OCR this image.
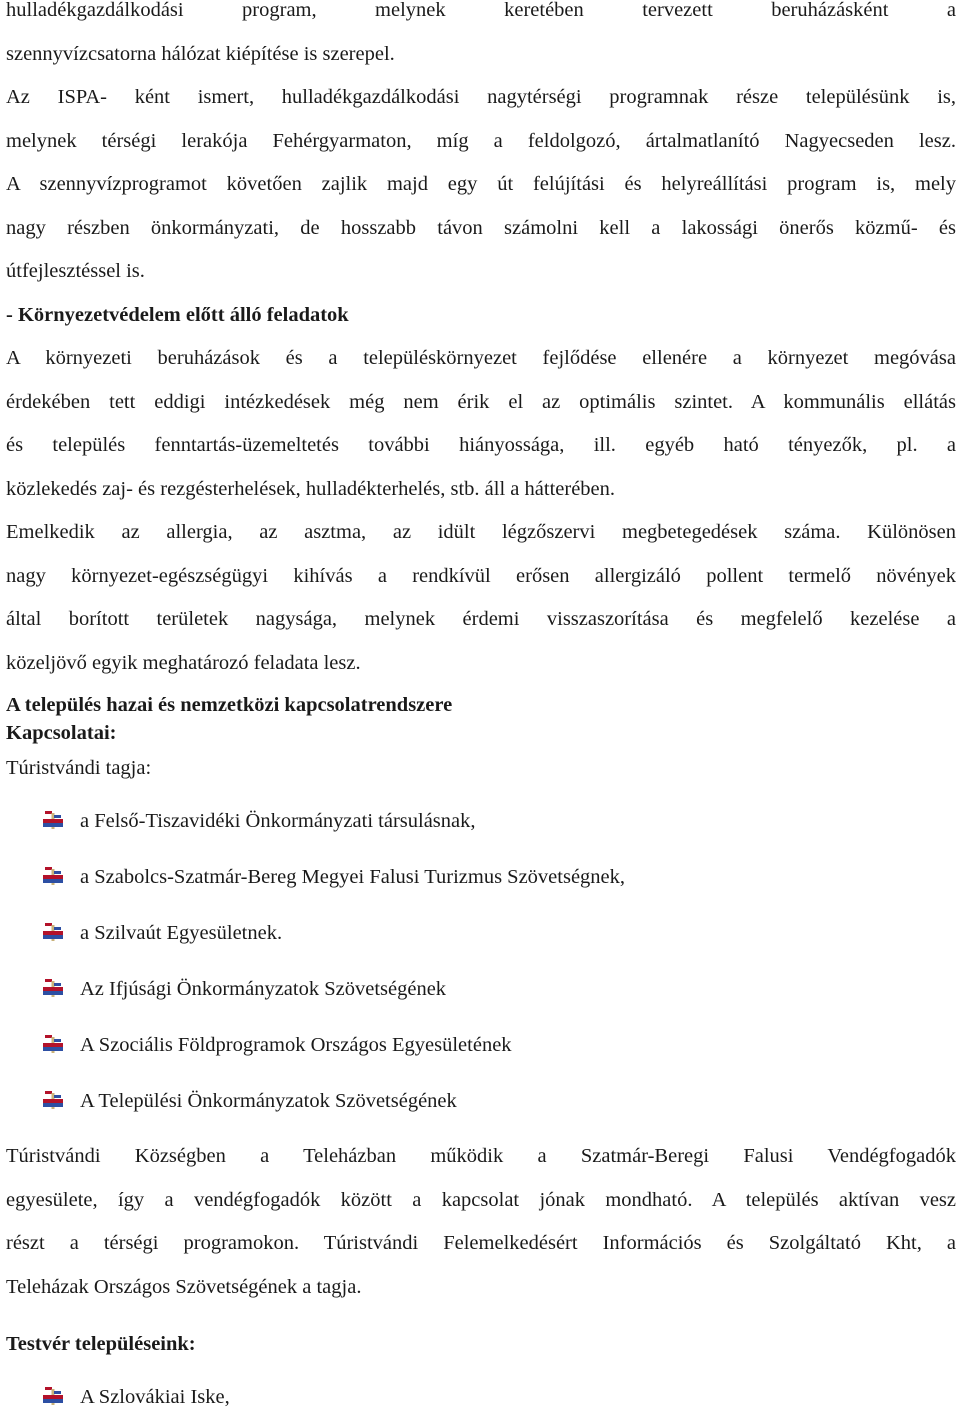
hulladékgazdálkodási program, melynek keretében tervezett beruházásként a
szennyvízcsatorna hálózat kiépítése is szerepel.
Az ISPA- ként ismert, hulladékgazdálkodási nagytérségi programnak része településünk is,
melynek térségi lerakója Fehérgyarmaton, míg a feldolgozó, ártalmatlanító Nagyecseden lesz.
A szennyvízprogramot követően zajlik majd egy út felújítási és helyreállítási program is, mely
nagy részben önkormányzati, de hosszabb távon számolni kell a lakossági önerős közmű- és
útfejlesztéssel is.
- Környezetvédelem előtt álló feladatok
A környezeti beruházások és a településkörnyezet fejlődése ellenére a környezet megóvása
érdekében tett eddigi intézkedések még nem érik el az optimális szintet. A kommunális ellátás
és település fenntartás-üzemeltetés további hiányossága, ill. egyéb ható tényezők, pl. a
közlekedés zaj- és rezgésterhelések, hulladékterhelés, stb. áll a hátterében.
Emelkedik az allergia, az asztma, az idült légzőszervi megbetegedések száma. Különösen
nagy környezet-egészségügyi kihívás a rendkívül erősen allergizáló pollent termelő növények
által borított területek nagysága, melynek érdemi visszaszorítása és megfelelő kezelése a
közeljövő egyik meghatározó feladata lesz.
A település hazai és nemzetközi kapcsolatrendszere
Kapcsolatai:
Túristvándi tagja:
a Felső-Tiszavidéki Önkormányzati társulásnak,
a Szabolcs-Szatmár-Bereg Megyei Falusi Turizmus Szövetségnek,
a Szilvaút Egyesületnek.
Az Ifjúsági Önkormányzatok Szövetségének
A Szociális Földprogramok Országos Egyesületének
A Települési Önkormányzatok Szövetségének
Túristvándi Községben a Teleházban működik a Szatmár-Beregi Falusi Vendégfogadók
egyesülete, így a vendégfogadók között a kapcsolat jónak mondható. A település aktívan vesz
részt a térségi programokon. Túristvándi Felemelkedésért Információs és Szolgáltató Kht, a
Teleházak Országos Szövetségének a tagja.
Testvér településeink:
A Szlovákiai Iske,
